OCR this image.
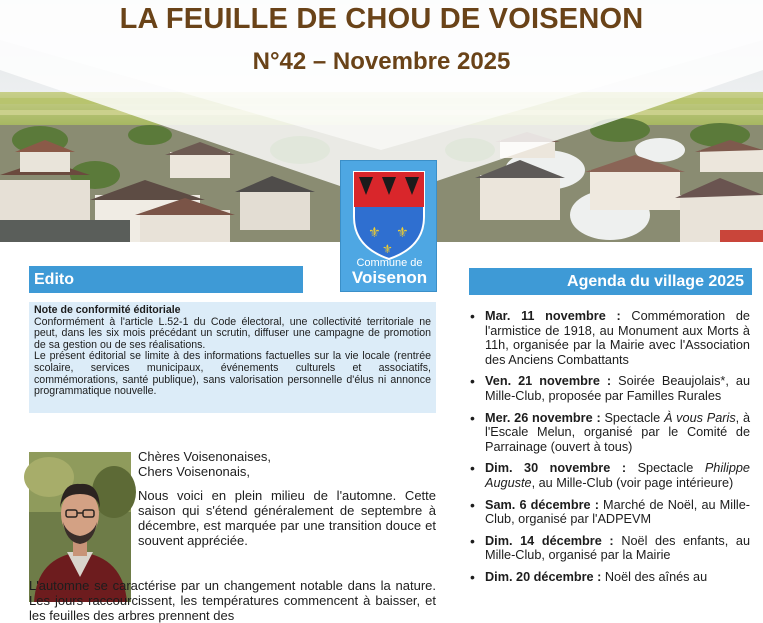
LA FEUILLE DE CHOU DE VOISENON
N°42 – Novembre 2025
⚜ ⚜
⚜
Commune de
Voisenon
Edito
Note de conformité éditoriale

Conformément à l'article L.52-1 du Code électoral, une collectivité territoriale ne peut, dans les six mois précédant un scrutin, diffuser une campagne de promotion de sa gestion ou de ses réalisations.

Le présent éditorial se limite à des informations factuelles sur la vie locale (rentrée scolaire, services municipaux, événements culturels et associatifs, commémorations, santé publique), sans valorisation personnelle d'élus ni annonce programmatique nouvelle.

Chères Voisenonaises,
Chers Voisenonais,

Nous voici en plein milieu de l'automne. Cette saison qui s'étend généralement de septembre à décembre, est marquée par une transition douce et souvent appréciée.

L'automne se caractérise par un changement notable dans la nature. Les jours raccourcissent, les températures commencent à baisser, et les feuilles des arbres prennent des

Agenda du village 2025
• Mar. 11 novembre : Commémoration de l'armistice de 1918, au Monument aux Morts à 11h, organisée par la Mairie avec l'Association des Anciens Combattants
• Ven. 21 novembre : Soirée Beaujolais*, au Mille-Club, proposée par Familles Rurales
• Mer. 26 novembre : Spectacle À vous Paris, à l'Escale Melun, organisé par le Comité de Parrainage (ouvert à tous)
• Dim. 30 novembre : Spectacle Philippe Auguste, au Mille-Club (voir page intérieure)
• Sam. 6 décembre : Marché de Noël, au Mille-Club, organisé par l'ADPEVM
• Dim. 14 décembre : Noël des enfants, au Mille-Club, organisé par la Mairie
• Dim. 20 décembre : Noël des aînés au
